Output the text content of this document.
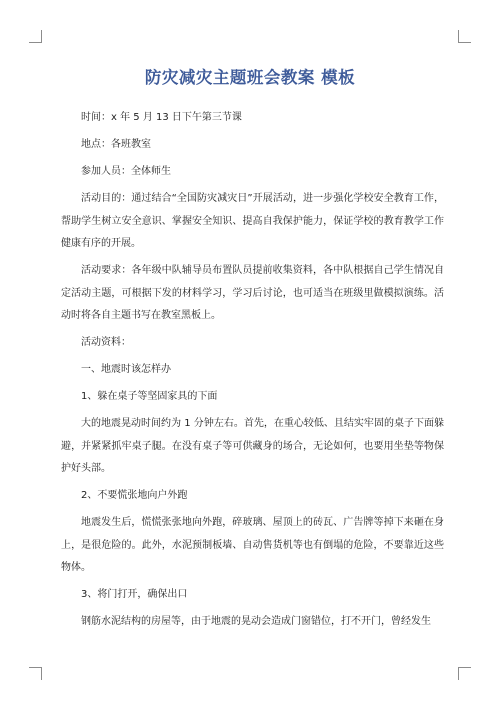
防灾减灾主题班会教案 模板

时间：x 年 5 月 13 日下午第三节课

地点：各班教室

参加人员：全体师生

活动目的：通过结合“全国防灾减灾日”开展活动，进一步强化学校安全教育工作，帮助学生树立安全意识、掌握安全知识、提高自我保护能力，保证学校的教育教学工作健康有序的开展。

活动要求：各年级中队辅导员布置队员提前收集资料，各中队根据自己学生情况自定活动主题，可根据下发的材料学习，学习后讨论，也可适当在班级里做模拟演练。活动时将各自主题书写在教室黑板上。

活动资料：

一、地震时该怎样办

1、躲在桌子等坚固家具的下面

大的地震晃动时间约为 1 分钟左右。首先，在重心较低、且结实牢固的桌子下面躲避，并紧紧抓牢桌子腿。在没有桌子等可供藏身的场合，无论如何，也要用坐垫等物保护好头部。

2、不要慌张地向户外跑

地震发生后，慌慌张张地向外跑，碎玻璃、屋顶上的砖瓦、广告牌等掉下来砸在身上，是很危险的。此外，水泥预制板墙、自动售货机等也有倒塌的危险，不要靠近这些物体。

3、将门打开，确保出口

钢筋水泥结构的房屋等，由于地震的晃动会造成门窗错位，打不开门，曾经发生
